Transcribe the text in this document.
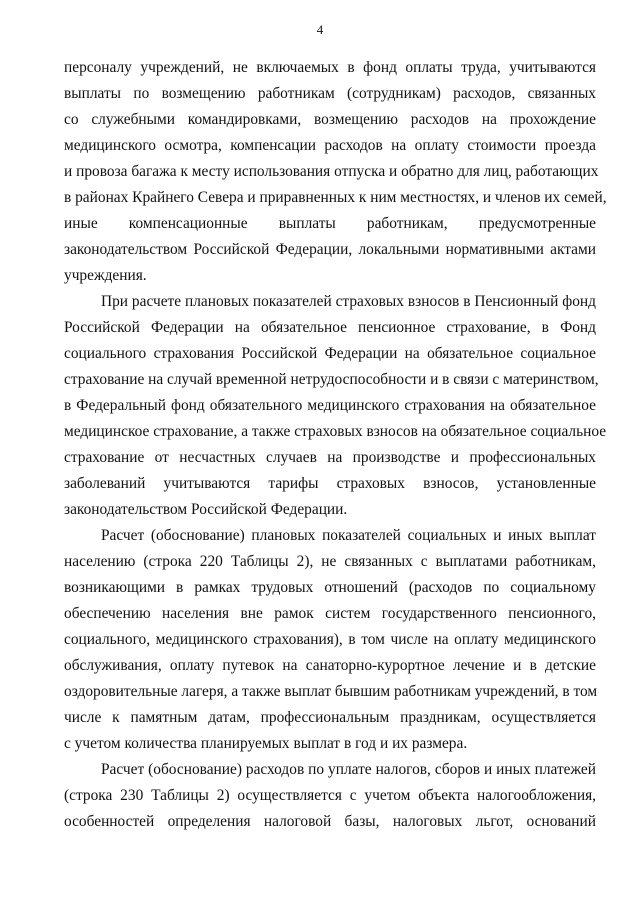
4
персоналу учреждений, не включаемых в фонд оплаты труда, учитываются
выплаты по возмещению работникам (сотрудникам) расходов, связанных
со служебными командировками, возмещению расходов на прохождение
медицинского осмотра, компенсации расходов на оплату стоимости проезда
и провоза багажа к месту использования отпуска и обратно для лиц, работающих
в районах Крайнего Севера и приравненных к ним местностях, и членов их семей,
иные компенсационные выплаты работникам, предусмотренные
законодательством Российской Федерации, локальными нормативными актами
учреждения.
При расчете плановых показателей страховых взносов в Пенсионный фонд
Российской Федерации на обязательное пенсионное страхование, в Фонд
социального страхования Российской Федерации на обязательное социальное
страхование на случай временной нетрудоспособности и в связи с материнством,
в Федеральный фонд обязательного медицинского страхования на обязательное
медицинское страхование, а также страховых взносов на обязательное социальное
страхование от несчастных случаев на производстве и профессиональных
заболеваний учитываются тарифы страховых взносов, установленные
законодательством Российской Федерации.
Расчет (обоснование) плановых показателей социальных и иных выплат
населению (строка 220 Таблицы 2), не связанных с выплатами работникам,
возникающими в рамках трудовых отношений (расходов по социальному
обеспечению населения вне рамок систем государственного пенсионного,
социального, медицинского страхования), в том числе на оплату медицинского
обслуживания, оплату путевок на санаторно-курортное лечение и в детские
оздоровительные лагеря, а также выплат бывшим работникам учреждений, в том
числе к памятным датам, профессиональным праздникам, осуществляется
с учетом количества планируемых выплат в год и их размера.
Расчет (обоснование) расходов по уплате налогов, сборов и иных платежей
(строка 230 Таблицы 2) осуществляется с учетом объекта налогообложения,
особенностей определения налоговой базы, налоговых льгот, оснований
